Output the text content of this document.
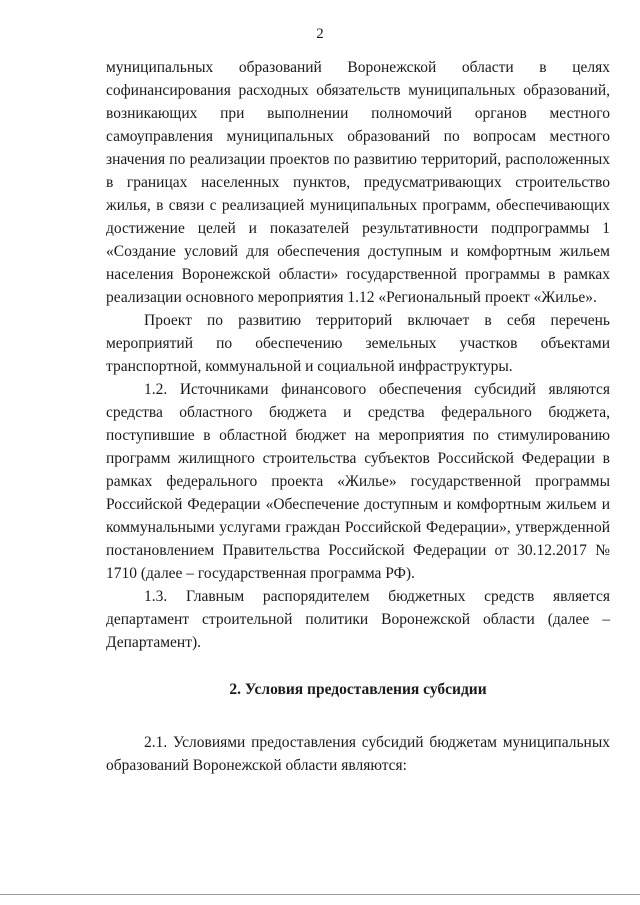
2

муниципальных образований Воронежской области в целях софинансирования расходных обязательств муниципальных образований, возникающих при выполнении полномочий органов местного самоуправления муниципальных образований по вопросам местного значения по реализации проектов по развитию территорий, расположенных в границах населенных пунктов, предусматривающих строительство жилья, в связи с реализацией муниципальных программ, обеспечивающих достижение целей и показателей результативности подпрограммы 1 «Создание условий для обеспечения доступным и комфортным жильем населения Воронежской области» государственной программы в рамках реализации основного мероприятия 1.12 «Региональный проект «Жилье».

Проект по развитию территорий включает в себя перечень мероприятий по обеспечению земельных участков объектами транспортной, коммунальной и социальной инфраструктуры.

1.2. Источниками финансового обеспечения субсидий являются средства областного бюджета и средства федерального бюджета, поступившие в областной бюджет на мероприятия по стимулированию программ жилищного строительства субъектов Российской Федерации в рамках федерального проекта «Жилье» государственной программы Российской Федерации «Обеспечение доступным и комфортным жильем и коммунальными услугами граждан Российской Федерации», утвержденной постановлением Правительства Российской Федерации от 30.12.2017 № 1710 (далее – государственная программа РФ).

1.3. Главным распорядителем бюджетных средств является департамент строительной политики Воронежской области (далее – Департамент).

2. Условия предоставления субсидии

2.1. Условиями предоставления субсидий бюджетам муниципальных образований Воронежской области являются:
